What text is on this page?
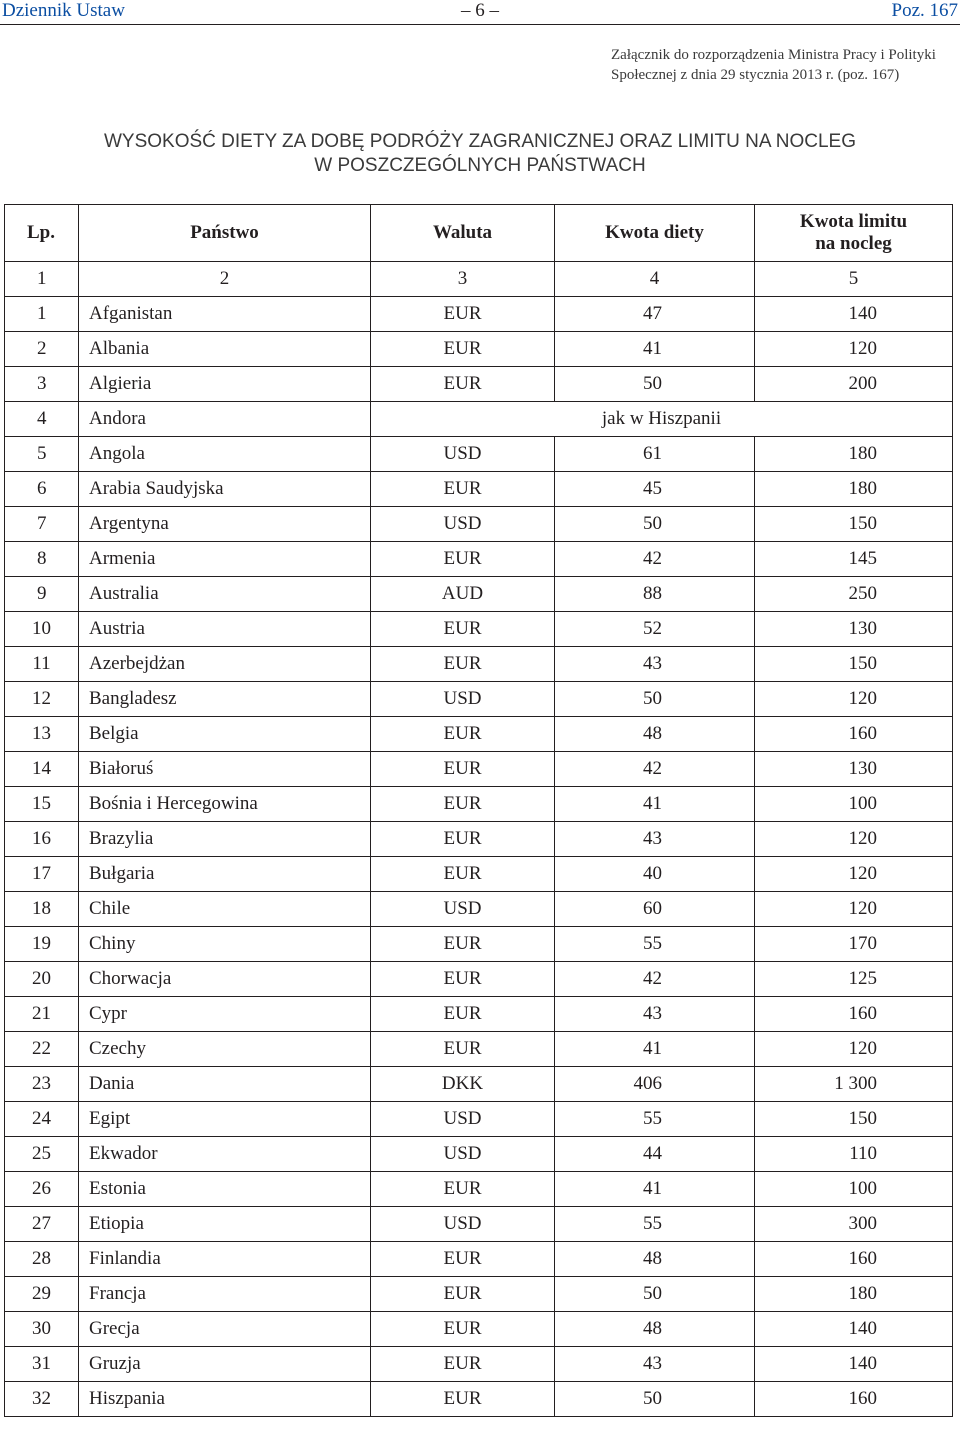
Dziennik Ustaw	– 6 –	Poz. 167
Załącznik do rozporządzenia Ministra Pracy i Polityki
Społecznej z dnia 29 stycznia 2013 r. (poz. 167)
WYSOKOŚĆ DIETY ZA DOBĘ PODRÓŻY ZAGRANICZNEJ ORAZ LIMITU NA NOCLEG
W POSZCZEGÓLNYCH PAŃSTWACH
Lp.	Państwo	Waluta	Kwota diety	Kwota limitu
na nocleg

1	2	3	4	5
1	Afganistan	EUR	47	140
2	Albania	EUR	41	120
3	Algieria	EUR	50	200
4	Andora	jak w Hiszpanii		
5	Angola	USD	61	180
6	Arabia Saudyjska	EUR	45	180
7	Argentyna	USD	50	150
8	Armenia	EUR	42	145
9	Australia	AUD	88	250
10	Austria	EUR	52	130
11	Azerbejdżan	EUR	43	150
12	Bangladesz	USD	50	120
13	Belgia	EUR	48	160
14	Białoruś	EUR	42	130
15	Bośnia i Hercegowina	EUR	41	100
16	Brazylia	EUR	43	120
17	Bułgaria	EUR	40	120
18	Chile	USD	60	120
19	Chiny	EUR	55	170
20	Chorwacja	EUR	42	125
21	Cypr	EUR	43	160
22	Czechy	EUR	41	120
23	Dania	DKK	406	1 300
24	Egipt	USD	55	150
25	Ekwador	USD	44	110
26	Estonia	EUR	41	100
27	Etiopia	USD	55	300
28	Finlandia	EUR	48	160
29	Francja	EUR	50	180
30	Grecja	EUR	48	140
31	Gruzja	EUR	43	140
32	Hiszpania	EUR	50	160
